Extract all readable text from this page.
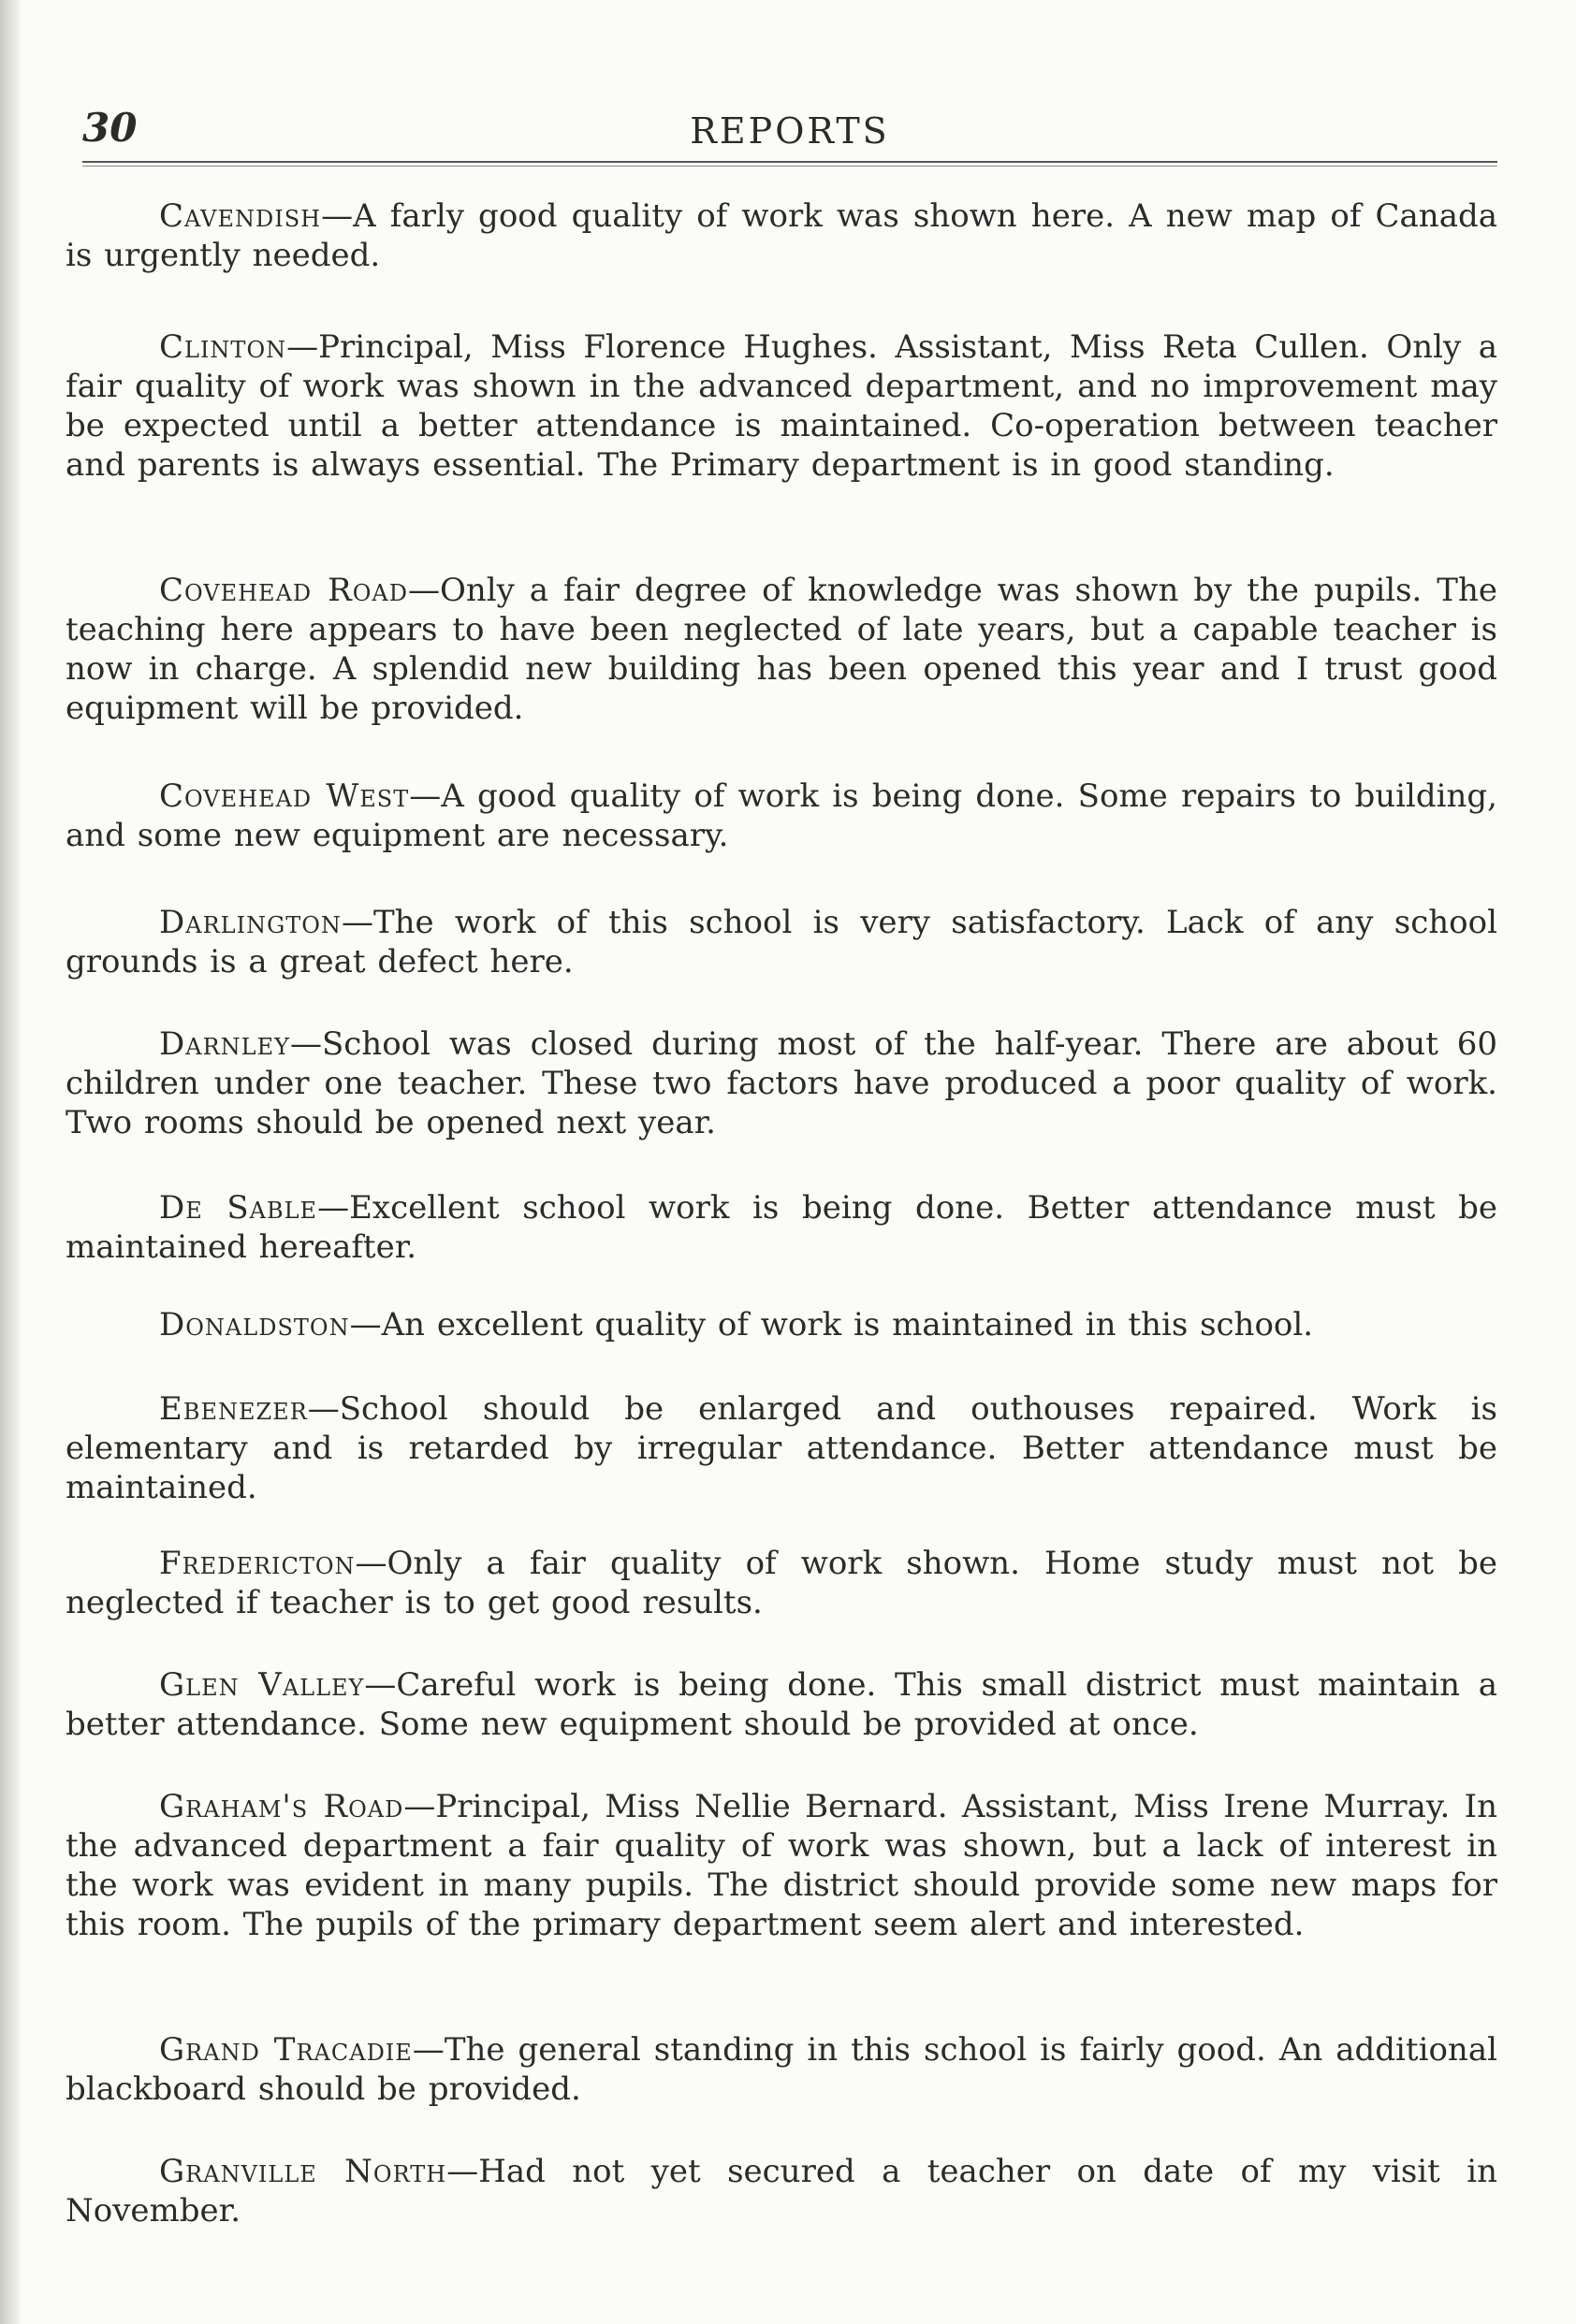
30	REPORTS

Cavendish—A farly good quality of work was shown here. A new map of Canada is urgently needed.

Clinton—Principal, Miss Florence Hughes. Assistant, Miss Reta Cullen. Only a fair quality of work was shown in the advanced department, and no improvement may be expected until a better attendance is maintained. Co-operation between teacher and parents is always essential. The Primary department is in good standing.

Covehead Road—Only a fair degree of knowledge was shown by the pupils. The teaching here appears to have been neglected of late years, but a capable teacher is now in charge. A splendid new building has been opened this year and I trust good equipment will be provided.

Covehead West—A good quality of work is being done. Some repairs to building, and some new equipment are necessary.

Darlington—The work of this school is very satisfactory. Lack of any school grounds is a great defect here.

Darnley—School was closed during most of the half-year. There are about 60 children under one teacher. These two factors have produced a poor quality of work. Two rooms should be opened next year.

De Sable—Excellent school work is being done. Better attendance must be maintained hereafter.

Donaldston—An excellent quality of work is maintained in this school.

Ebenezer—School should be enlarged and outhouses repaired. Work is elementary and is retarded by irregular attendance. Better attendance must be maintained.

Fredericton—Only a fair quality of work shown. Home study must not be neglected if teacher is to get good results.

Glen Valley—Careful work is being done. This small district must maintain a better attendance. Some new equipment should be provided at once.

Graham's Road—Principal, Miss Nellie Bernard. Assistant, Miss Irene Murray. In the advanced department a fair quality of work was shown, but a lack of interest in the work was evident in many pupils. The district should provide some new maps for this room. The pupils of the primary department seem alert and interested.

Grand Tracadie—The general standing in this school is fairly good. An additional blackboard should be provided.

Granville North—Had not yet secured a teacher on date of my visit in November.
